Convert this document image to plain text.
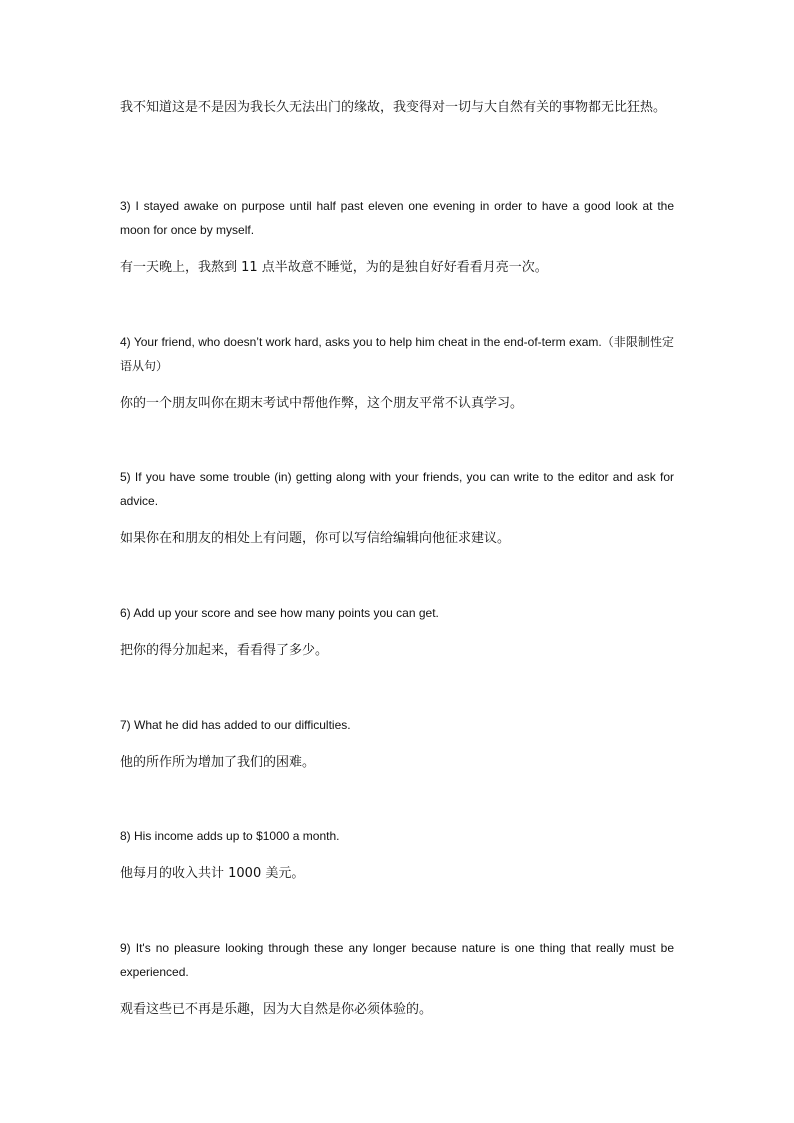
我不知道这是不是因为我长久无法出门的缘故，我变得对一切与大自然有关的事物都无比狂热。

3) I stayed awake on purpose until half past eleven one evening in order to have a good look at the moon for once by myself.

有一天晚上，我熬到 11 点半故意不睡觉，为的是独自好好看看月亮一次。

4) Your friend, who doesn’t work hard, asks you to help him cheat in the end-of-term exam.（非限制性定语从句）

你的一个朋友叫你在期末考试中帮他作弊，这个朋友平常不认真学习。

5) If you have some trouble (in) getting along with your friends, you can write to the editor and ask for advice.

如果你在和朋友的相处上有问题，你可以写信给编辑向他征求建议。

6) Add up your score and see how many points you can get.

把你的得分加起来，看看得了多少。

7) What he did has added to our difficulties.

他的所作所为增加了我们的困难。

8) His income adds up to $1000 a month.

他每月的收入共计 1000 美元。

9) It's no pleasure looking through these any longer because nature is one thing that really must be experienced.

观看这些已不再是乐趣，因为大自然是你必须体验的。
